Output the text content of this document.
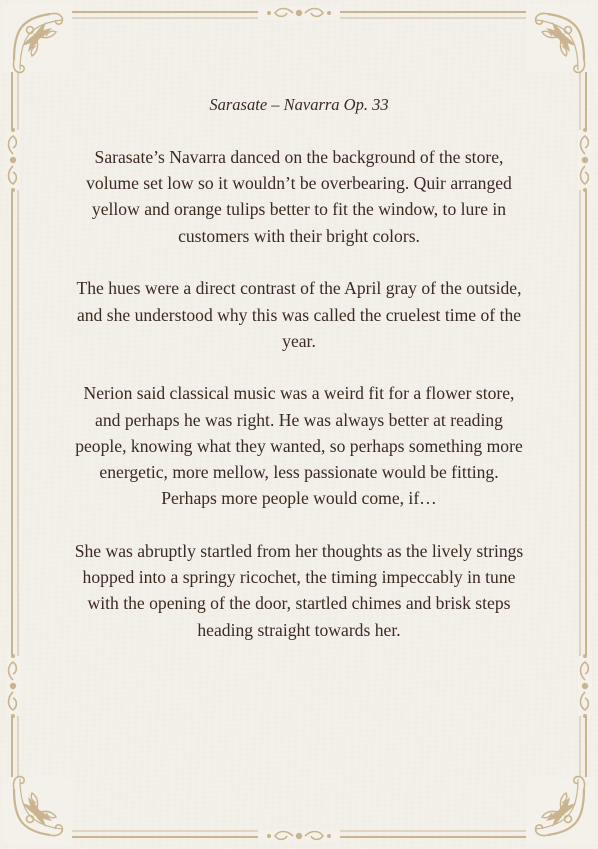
Sarasate – Navarra Op. 33

Sarasate’s Navarra danced on the background of the store, volume set low so it wouldn’t be overbearing. Quir arranged yellow and orange tulips better to fit the window, to lure in customers with their bright colors.

The hues were a direct contrast of the April gray of the outside, and she understood why this was called the cruelest time of the year.

Nerion said classical music was a weird fit for a flower store, and perhaps he was right. He was always better at reading people, knowing what they wanted, so perhaps something more energetic, more mellow, less passionate would be fitting. Perhaps more people would come, if…

She was abruptly startled from her thoughts as the lively strings hopped into a springy ricochet, the timing impeccably in tune with the opening of the door, startled chimes and brisk steps heading straight towards her.
